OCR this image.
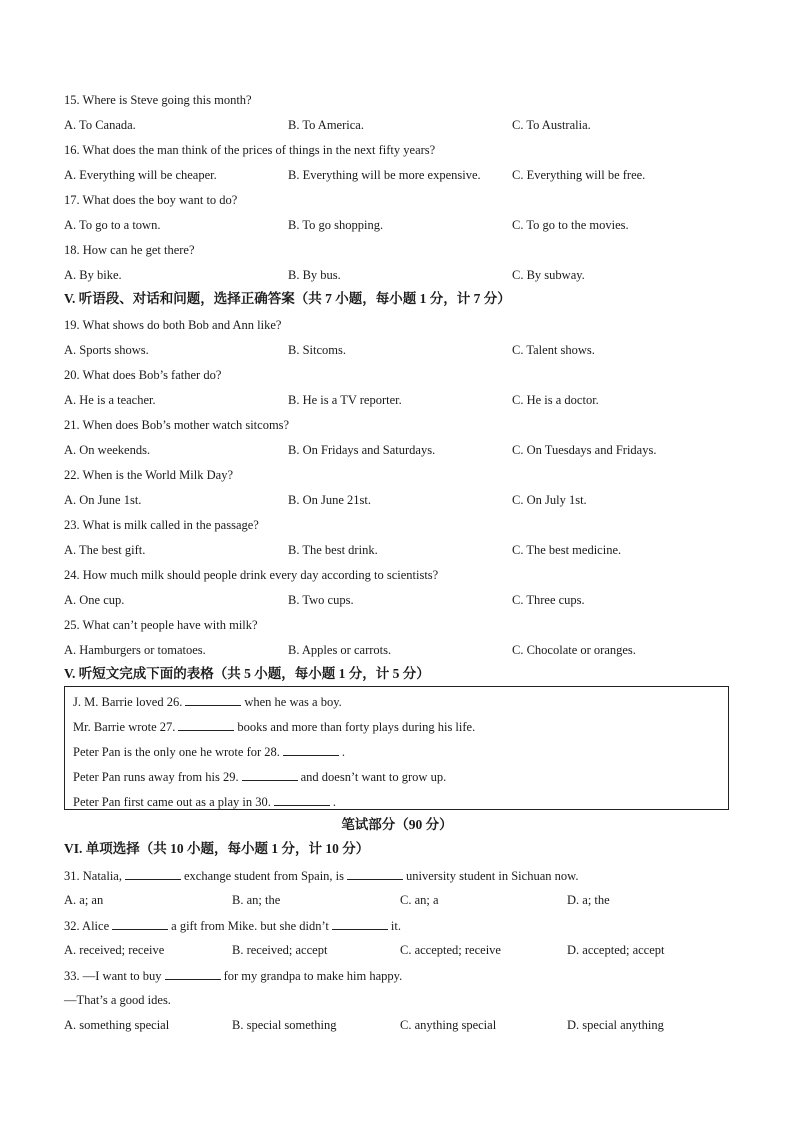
15. Where is Steve going this month?
A. To Canada.	B. To America.	C. To Australia.
16. What does the man think of the prices of things in the next fifty years?
A. Everything will be cheaper.	B. Everything will be more expensive.	C. Everything will be free.
17. What does the boy want to do?
A. To go to a town.	B. To go shopping.	C. To go to the movies.
18. How can he get there?
A. By bike.	B. By bus.	C. By subway.
V. 听语段、对话和问题，选择正确答案（共 7 小题，每小题 1 分，计 7 分）
19. What shows do both Bob and Ann like?
A. Sports shows.	B. Sitcoms.	C. Talent shows.
20. What does Bob’s father do?
A. He is a teacher.	B. He is a TV reporter.	C. He is a doctor.
21. When does Bob’s mother watch sitcoms?
A. On weekends.	B. On Fridays and Saturdays.	C. On Tuesdays and Fridays.
22. When is the World Milk Day?
A. On June 1st.	B. On June 21st.	C. On July 1st.
23. What is milk called in the passage?
A. The best gift.	B. The best drink.	C. The best medicine.
24. How much milk should people drink every day according to scientists?
A. One cup.	B. Two cups.	C. Three cups.
25. What can’t people have with milk?
A. Hamburgers or tomatoes.	B. Apples or carrots.	C. Chocolate or oranges.
V. 听短文完成下面的表格（共 5 小题，每小题 1 分，计 5 分）
J. M. Barrie loved 26.	when he was a boy.
Mr. Barrie wrote 27.	books and more than forty plays during his life.
Peter Pan is the only one he wrote for 28.	.
Peter Pan runs away from his 29.	and doesn’t want to grow up.
Peter Pan first came out as a play in 30.	.
笔试部分（90 分）
VI. 单项选择（共 10 小题，每小题 1 分，计 10 分）
31. Natalia,	exchange student from Spain, is	university student in Sichuan now.
A. a; an	B. an; the	C. an; a	D. a; the
32. Alice	a gift from Mike. but she didn’t	it.
A. received; receive	B. received; accept	C. accepted; receive	D. accepted; accept
33. —I want to buy	for my grandpa to make him happy.
—That’s a good ides.
A. something special	B. special something	C. anything special	D. special anything
